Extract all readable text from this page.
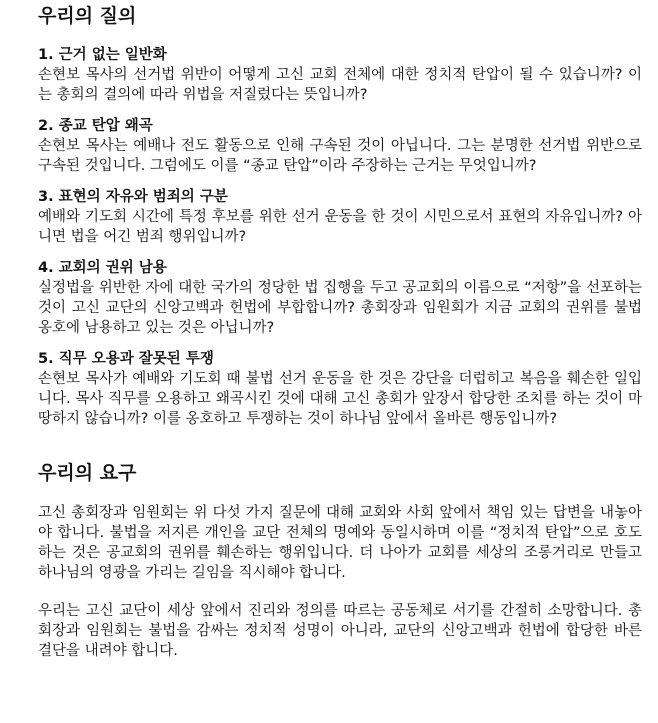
우리의 질의
1. 근거 없는 일반화

손현보 목사의 선거법 위반이 어떻게 고신 교회 전체에 대한 정치적 탄압이 될 수 있습니까? 이는 총회의 결의에 따라 위법을 저질렀다는 뜻입니까?

2. 종교 탄압 왜곡

손현보 목사는 예배나 전도 활동으로 인해 구속된 것이 아닙니다. 그는 분명한 선거법 위반으로 구속된 것입니다. 그럼에도 이를 “종교 탄압”이라 주장하는 근거는 무엇입니까?

3. 표현의 자유와 범죄의 구분

예배와 기도회 시간에 특정 후보를 위한 선거 운동을 한 것이 시민으로서 표현의 자유입니까? 아니면 법을 어긴 범죄 행위입니까?

4. 교회의 권위 남용

실정법을 위반한 자에 대한 국가의 정당한 법 집행을 두고 공교회의 이름으로 “저항”을 선포하는 것이 고신 교단의 신앙고백과 헌법에 부합합니까? 총회장과 임원회가 지금 교회의 권위를 불법 옹호에 남용하고 있는 것은 아닙니까?

5. 직무 오용과 잘못된 투쟁

손현보 목사가 예배와 기도회 때 불법 선거 운동을 한 것은 강단을 더럽히고 복음을 훼손한 일입니다. 목사 직무를 오용하고 왜곡시킨 것에 대해 고신 총회가 앞장서 합당한 조치를 하는 것이 마땅하지 않습니까? 이를 옹호하고 투쟁하는 것이 하나님 앞에서 올바른 행동입니까?

우리의 요구

고신 총회장과 임원회는 위 다섯 가지 질문에 대해 교회와 사회 앞에서 책임 있는 답변을 내놓아야 합니다. 불법을 저지른 개인을 교단 전체의 명예와 동일시하며 이를 “정치적 탄압”으로 호도하는 것은 공교회의 권위를 훼손하는 행위입니다. 더 나아가 교회를 세상의 조롱거리로 만들고 하나님의 영광을 가리는 길임을 직시해야 합니다.

우리는 고신 교단이 세상 앞에서 진리와 정의를 따르는 공동체로 서기를 간절히 소망합니다. 총회장과 임원회는 불법을 감싸는 정치적 성명이 아니라, 교단의 신앙고백과 헌법에 합당한 바른 결단을 내려야 합니다.
